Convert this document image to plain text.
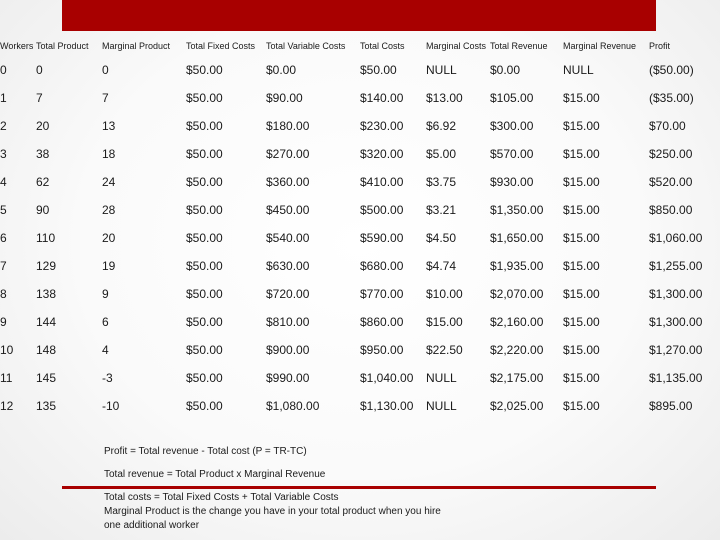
Workers	Total Product	Marginal Product	Total Fixed Costs	Total Variable Costs	Total Costs	Marginal Costs	Total Revenue	Marginal Revenue	Profit
0	0	0	$50.00	$0.00	$50.00	NULL	$0.00	NULL	($50.00)
1	7	7	$50.00	$90.00	$140.00	$13.00	$105.00	$15.00	($35.00)
2	20	13	$50.00	$180.00	$230.00	$6.92	$300.00	$15.00	$70.00
3	38	18	$50.00	$270.00	$320.00	$5.00	$570.00	$15.00	$250.00
4	62	24	$50.00	$360.00	$410.00	$3.75	$930.00	$15.00	$520.00
5	90	28	$50.00	$450.00	$500.00	$3.21	$1,350.00	$15.00	$850.00
6	110	20	$50.00	$540.00	$590.00	$4.50	$1,650.00	$15.00	$1,060.00
7	129	19	$50.00	$630.00	$680.00	$4.74	$1,935.00	$15.00	$1,255.00
8	138	9	$50.00	$720.00	$770.00	$10.00	$2,070.00	$15.00	$1,300.00
9	144	6	$50.00	$810.00	$860.00	$15.00	$2,160.00	$15.00	$1,300.00
10	148	4	$50.00	$900.00	$950.00	$22.50	$2,220.00	$15.00	$1,270.00
11	145	-3	$50.00	$990.00	$1,040.00	NULL	$2,175.00	$15.00	$1,135.00
12	135	-10	$50.00	$1,080.00	$1,130.00	NULL	$2,025.00	$15.00	$895.00
Profit = Total revenue - Total cost (P = TR-TC)
Total revenue = Total Product x Marginal Revenue
Total costs = Total Fixed Costs + Total Variable Costs
Marginal Product is the change you have in your total product when you hire
one additional worker
